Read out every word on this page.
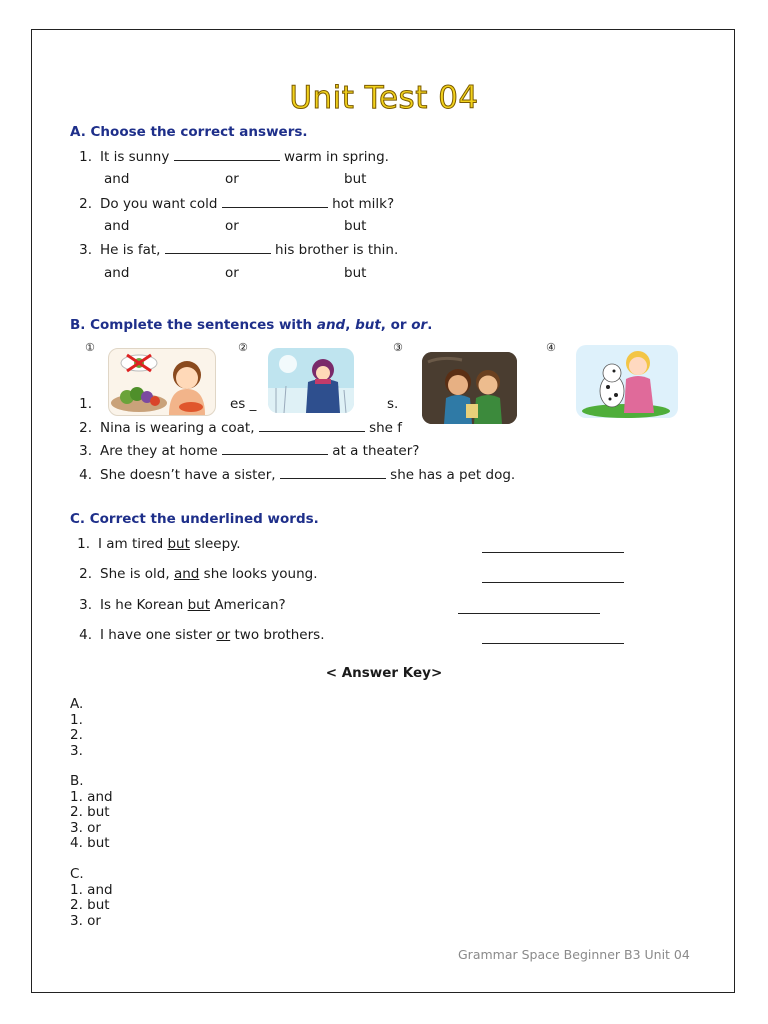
Unit Test 04
A. Choose the correct answers.
1. It is sunny	warm in spring.
and	or	but
2. Do you want cold	hot milk?
and	or	but
3. He is fat,	his brother is thin.
and	or	but
B. Complete the sentences with and, but, or or.
①	②	③	④
1.	es _	s.
2. Nina is wearing a coat,	she f
3. Are they at home	at a theater?
4. She doesn’t have a sister,	she has a pet dog.
C. Correct the underlined words.
1. I am tired but sleepy.

2. She is old, and she looks young.

3. Is he Korean but American?

4. I have one sister or two brothers.

< Answer Key>
A.
1.
2.
3.
B.
1. and
2. but
3. or
4. but
C.
1. and
2. but
3. or
Grammar Space Beginner B3 Unit 04
